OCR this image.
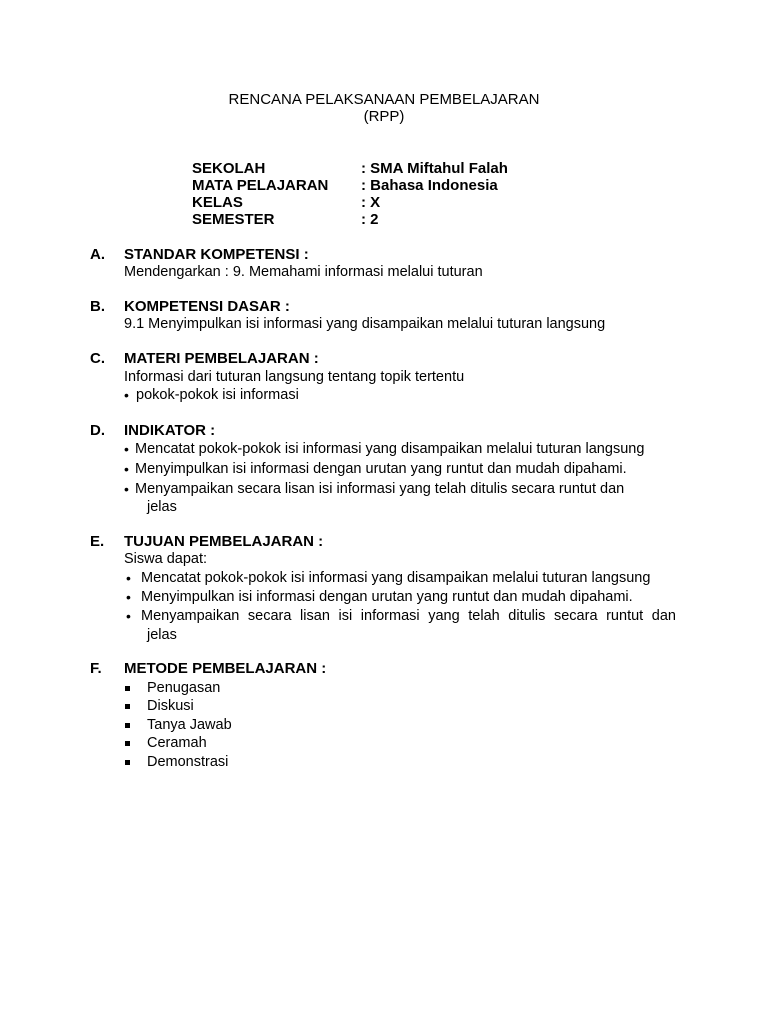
RENCANA PELAKSANAAN PEMBELAJARAN
(RPP)
SEKOLAH	: SMA Miftahul Falah
MATA PELAJARAN : Bahasa Indonesia
KELAS	: X
SEMESTER	: 2
A. STANDAR KOMPETENSI :
Mendengarkan : 9. Memahami informasi melalui tuturan
B. KOMPETENSI DASAR :
9.1 Menyimpulkan isi informasi yang disampaikan melalui tuturan langsung
C. MATERI PEMBELAJARAN :
Informasi dari tuturan langsung tentang topik tertentu
• pokok-pokok isi informasi
D. INDIKATOR :
• Mencatat pokok-pokok isi informasi yang disampaikan melalui tuturan langsung
• Menyimpulkan isi informasi dengan urutan yang runtut dan mudah dipahami.
• Menyampaikan secara lisan isi informasi yang telah ditulis secara runtut dan
jelas
E. TUJUAN PEMBELAJARAN :
Siswa dapat:
• Mencatat pokok-pokok isi informasi yang disampaikan melalui tuturan langsung
• Menyimpulkan isi informasi dengan urutan yang runtut dan mudah dipahami.
• Menyampaikan secara lisan isi informasi yang telah ditulis secara runtut dan
jelas
F. METODE PEMBELAJARAN :
Penugasan
Diskusi
Tanya Jawab
Ceramah
Demonstrasi
